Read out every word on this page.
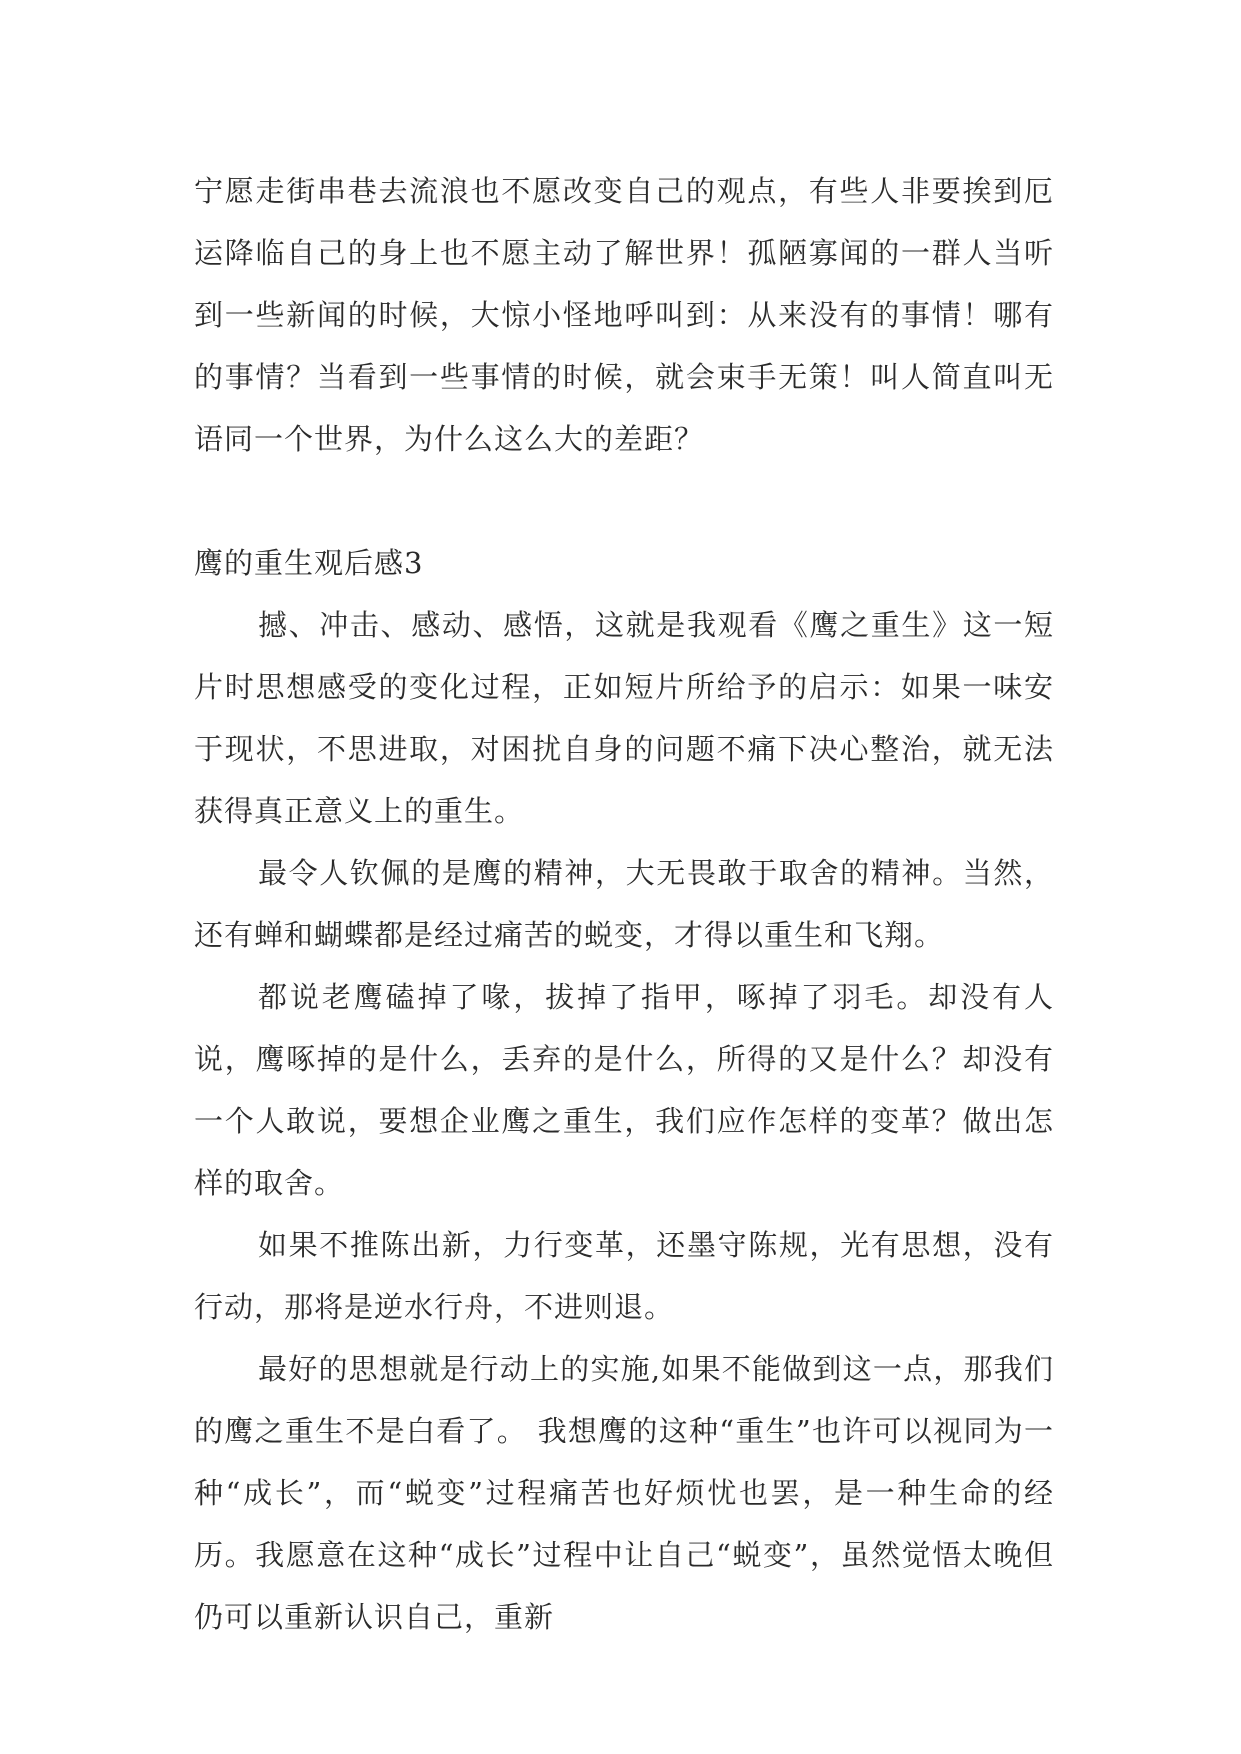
宁愿走街串巷去流浪也不愿改变自己的观点，有些人非要挨到厄运降临自己的身上也不愿主动了解世界！孤陋寡闻的一群人当听到一些新闻的时候，大惊小怪地呼叫到：从来没有的事情！哪有的事情？当看到一些事情的时候，就会束手无策！叫人简直叫无语同一个世界，为什么这么大的差距？

鹰的重生观后感3

撼、冲击、感动、感悟，这就是我观看《鹰之重生》这一短片时思想感受的变化过程，正如短片所给予的启示：如果一味安于现状，不思进取，对困扰自身的问题不痛下决心整治，就无法获得真正意义上的重生。

最令人钦佩的是鹰的精神，大无畏敢于取舍的精神。当然，还有蝉和蝴蝶都是经过痛苦的蜕变，才得以重生和飞翔。

都说老鹰磕掉了喙，拔掉了指甲，啄掉了羽毛。却没有人说，鹰啄掉的是什么，丢弃的是什么，所得的又是什么？却没有一个人敢说，要想企业鹰之重生，我们应作怎样的变革？做出怎样的取舍。

如果不推陈出新，力行变革，还墨守陈规，光有思想，没有行动，那将是逆水行舟，不进则退。

最好的思想就是行动上的实施,如果不能做到这一点，那我们的鹰之重生不是白看了。 我想鹰的这种“重生”也许可以视同为一种“成长”，而“蜕变”过程痛苦也好烦忧也罢，是一种生命的经历。我愿意在这种“成长”过程中让自己“蜕变”，虽然觉悟太晚但仍可以重新认识自己，重新
